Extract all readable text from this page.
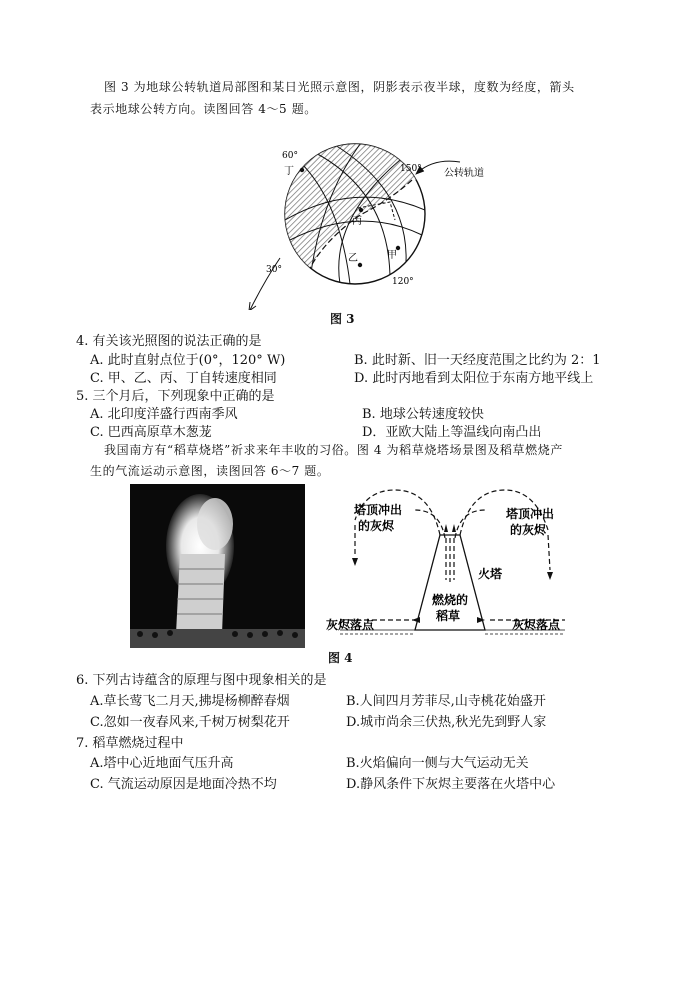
图 3 为地球公转轨道局部图和某日光照示意图，阴影表示夜半球，度数为经度，箭头
表示地球公转方向。读图回答 4～5 题。
60°
150°
30°
120°
丁
丙
乙	甲
公转轨道
图 3
4. 有关该光照图的说法正确的是
A. 此时直射点位于(0°，120° W)	B. 此时新、旧一天经度范围之比约为 2：1
C. 甲、乙、丙、丁自转速度相同	D. 此时丙地看到太阳位于东南方地平线上
5. 三个月后，下列现象中正确的是
A. 北印度洋盛行西南季风	B. 地球公转速度较快
C. 巴西高原草木葱茏	D．亚欧大陆上等温线向南凸出
我国南方有“稻草烧塔”祈求来年丰收的习俗。图 4 为稻草烧塔场景图及稻草燃烧产
生的气流运动示意图，读图回答 6～7 题。
塔顶冲出
的灰烬
塔顶冲出
的灰烬
火塔
燃烧的
稻草
灰烬落点	灰烬落点
图 4
6. 下列古诗蕴含的原理与图中现象相关的是
A.草长莺飞二月天,拂堤杨柳醉春烟	B.人间四月芳菲尽,山寺桃花始盛开
C.忽如一夜春风来,千树万树梨花开	D.城市尚余三伏热,秋光先到野人家
7. 稻草燃烧过程中
A.塔中心近地面气压升高	B.火焰偏向一侧与大气运动无关
C. 气流运动原因是地面冷热不均	D.静风条件下灰烬主要落在火塔中心
